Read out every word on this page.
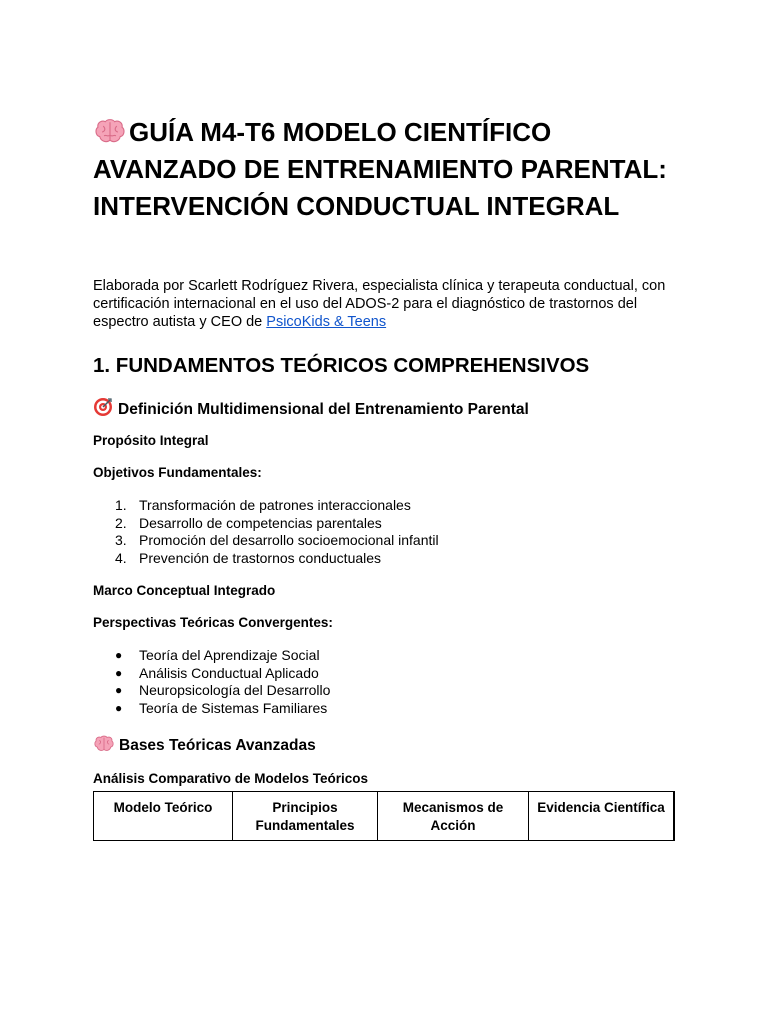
GUÍA M4-T6 MODELO CIENTÍFICO AVANZADO DE ENTRENAMIENTO PARENTAL: INTERVENCIÓN CONDUCTUAL INTEGRAL

Elaborada por Scarlett Rodríguez Rivera, especialista clínica y terapeuta conductual, con certificación internacional en el uso del ADOS-2 para el diagnóstico de trastornos del espectro autista y CEO de PsicoKids & Teens

1. FUNDAMENTOS TEÓRICOS COMPREHENSIVOS
Definición Multidimensional del Entrenamiento Parental
Propósito Integral
Objetivos Fundamentales:
1. Transformación de patrones interaccionales
2. Desarrollo de competencias parentales
3. Promoción del desarrollo socioemocional infantil
4. Prevención de trastornos conductuales
Marco Conceptual Integrado
Perspectivas Teóricas Convergentes:
●	Teoría del Aprendizaje Social
●	Análisis Conductual Aplicado
●	Neuropsicología del Desarrollo
●	Teoría de Sistemas Familiares
Bases Teóricas Avanzadas
Análisis Comparativo de Modelos Teóricos
Modelo Teórico	Principios Fundamentales	Mecanismos de Acción	Evidencia Científica
